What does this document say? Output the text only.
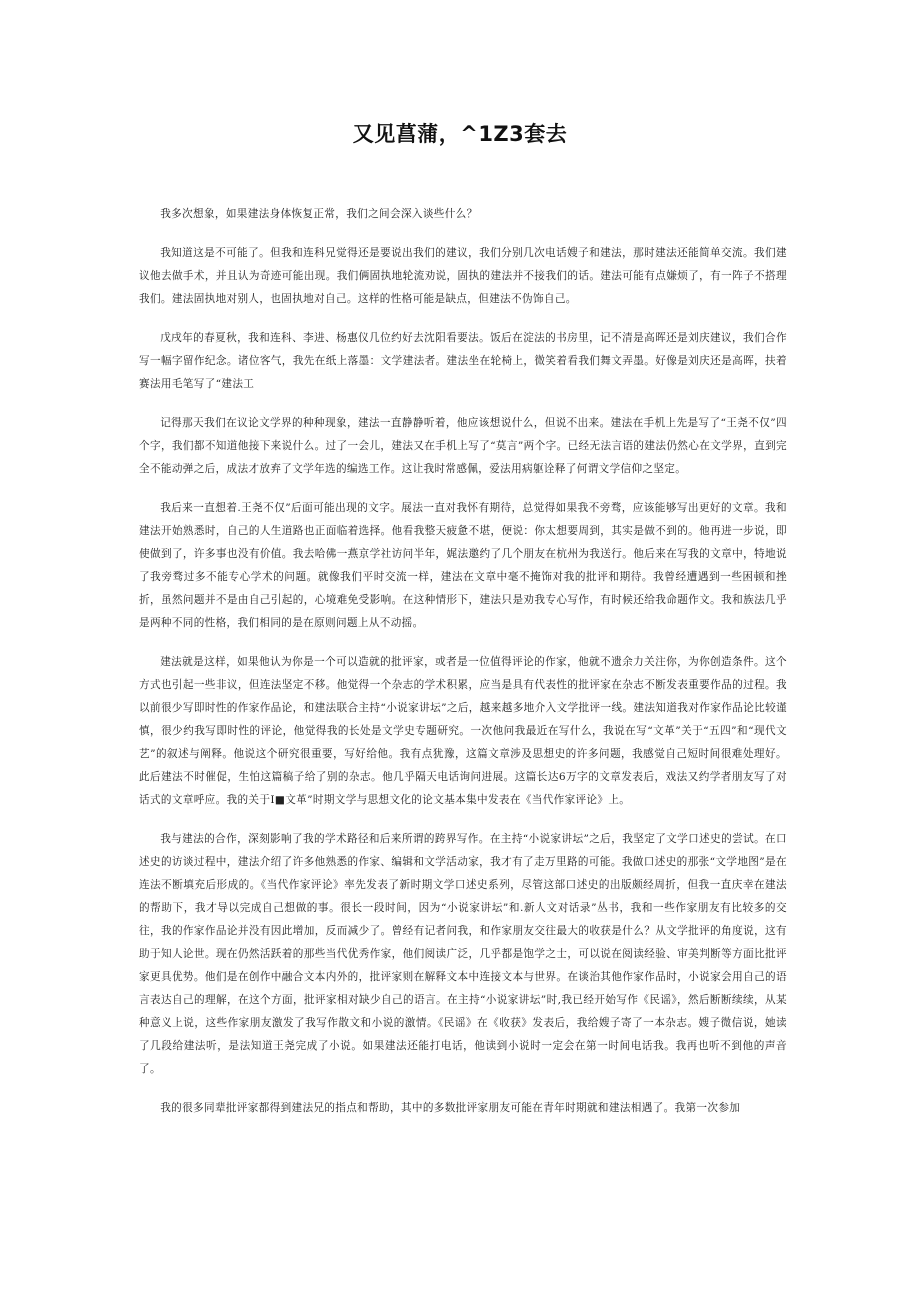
又见菖蒲，^1Z3套去

我多次想象，如果建法身体恢复正常，我们之间会深入谈些什么？

我知道这是不可能了。但我和连科兄觉得还是要说出我们的建议，我们分别几次电话嫂子和建法，那时建法还能简单交流。我们建议他去做手术，并且认为奇迹可能出现。我们俩固执地轮流劝说，固执的建法并不接我们的话。建法可能有点嫌烦了，有一阵子不搭理我们。建法固执地对别人，也固执地对自己。这样的性格可能是缺点，但建法不伪饰自己。

戊戌年的春夏秋，我和连科、李进、杨惠仪几位约好去沈阳看要法。饭后在淀法的书房里，记不清是高晖还是刘庆建议，我们合作写一幅字留作纪念。诸位客气，我先在纸上落墨：文学建法者。建法坐在轮椅上，微笑着看我们舞文弄墨。好像是刘庆还是高晖，扶着赛法用毛笔写了“建法工

记得那天我们在议论文学界的种种现象，建法一直静静听着，他应该想说什么，但说不出来。建法在手机上先是写了“王尧不仅”四个字，我们都不知道他接下来说什么。过了一会儿，建法又在手机上写了“莫言”两个字。已经无法言语的建法仍然心在文学界，直到完全不能动弹之后，成法才放弃了文学年选的编选工作。这让我时常感佩，爱法用病躯诠释了何谓文学信仰之坚定。

我后来一直想着.王尧不仅”后面可能出现的文字。展法一直对我怀有期待，总觉得如果我不旁骛，应该能够写出更好的文章。我和建法开始熟悉时，自己的人生道路也正面临着选择。他看我整天疲惫不堪，便说：你太想要周到，其实是做不到的。他再进一步说，即使做到了，许多事也没有价值。我去哈佛一燕京学社访问半年，娓法邀约了几个朋友在杭州为我送行。他后来在写我的文章中，特地说了我旁骛过多不能专心学术的问题。就像我们平时交流一样，建法在文章中毫不掩饰对我的批评和期待。我曾经遭遇到一些困顿和挫折，虽然问题并不是由自己引起的，心境难免受影响。在这种情形下，建法只是劝我专心写作，有时候还给我命题作文。我和族法几乎是两种不同的性格，我们相同的是在原则问题上从不动摇。

建法就是这样，如果他认为你是一个可以造就的批评家，或者是一位值得评论的作家，他就不遗余力关注你，为你创造条件。这个方式也引起一些非议，但连法坚定不移。他觉得一个杂志的学术积累，应当是具有代表性的批评家在杂志不断发表重要作品的过程。我以前很少写即时性的作家作品论，和建法联合主持“小说家讲坛”之后，越来越多地介入文学批评一线。建法知道我对作家作品论比较谨慎，很少约我写即时性的评论，他觉得我的长处是文学史专题研究。一次他问我最近在写什么，我说在写“文革”关于“五四”和“现代文艺”的叙述与阐释。他说这个研究很重要，写好给他。我有点犹豫，这篇文章涉及思想史的许多问题，我感觉自己短时间很难处理好。此后建法不时催促，生怕这篇稿子给了别的杂志。他几乎隔天电话询问进展。这篇长达6万字的文章发表后，戏法又约学者朋友写了对话式的文章呼应。我的关于I■文革”时期文学与思想文化的论文基本集中发表在《当代作家评论》上。

我与建法的合作，深刻影响了我的学术路径和后来所谓的跨界写作。在主持“小说家讲坛”之后，我坚定了文学口述史的尝试。在口述史的访谈过程中，建法介绍了许多他熟悉的作家、编辑和文学活动家，我才有了走万里路的可能。我做口述史的那张“文学地图”是在连法不断填充后形成的。《当代作家评论》率先发表了新时期文学口述史系列，尽管这部口述史的出版颇经周折，但我一直庆幸在建法的帮助下，我才导以完成自己想做的事。很长一段时间，因为“小说家讲坛”和.新人文对话录”丛书，我和一些作家朋友有比较多的交往，我的作家作品论并没有因此增加，反而减少了。曾经有记者问我，和作家朋友交往最大的收获是什么？从文学批评的角度说，这有助于知人论世。现在仍然活跃着的那些当代优秀作家，他们阅读广泛，几乎都是饱学之士，可以说在阅读经验、审美判断等方面比批评家更具优势。他们是在创作中融合文本内外的，批评家则在解释文本中连接文本与世界。在谈治其他作家作品时，小说家会用自己的语言表达自己的理解，在这个方面，批评家相对缺少自己的语言。在主持“小说家讲坛”时,我已经开始写作《民谣》，然后断断续续，从某种意义上说，这些作家朋友激发了我写作散文和小说的激情。《民谣》在《收获》发表后，我给嫂子寄了一本杂志。嫂子微信说，她读了几段给建法听，是法知道王尧完成了小说。如果建法还能打电话，他读到小说时一定会在第一时间电话我。我再也听不到他的声音了。

我的很多同辈批评家都得到建法兄的指点和帮助，其中的多数批评家朋友可能在青年时期就和建法相遇了。我第一次参加
